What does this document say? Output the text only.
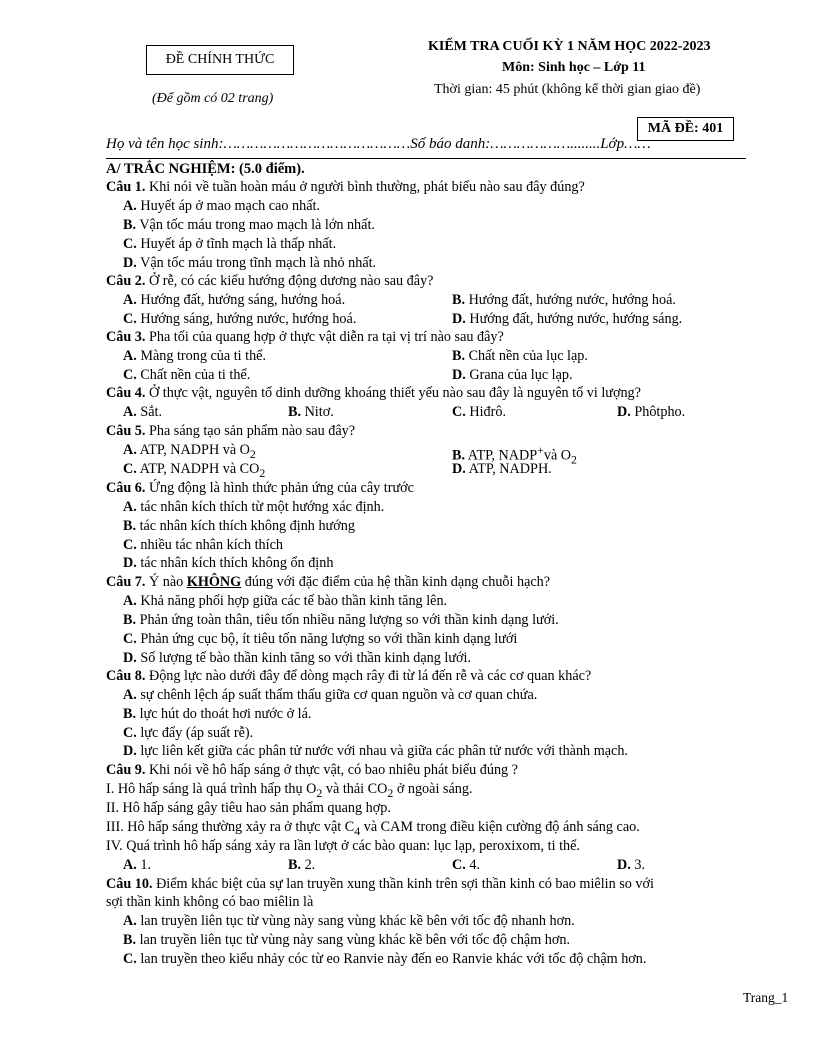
ĐỀ CHÍNH THỨC
(Để gồm có 02 trang)
KIỂM TRA CUỐI KỲ 1 NĂM HỌC 2022-2023
Môn: Sinh học – Lớp 11
Thời gian: 45 phút (không kể thời gian giao đề)
MÃ ĐỀ: 401
Họ và tên học sinh:……………………………………Số báo danh:………………........Lớp……
A/ TRẮC NGHIỆM: (5.0 điểm).
Câu 1. Khi nói về tuần hoàn máu ở người bình thường, phát biểu nào sau đây đúng?
A. Huyết áp ở mao mạch cao nhất.
B. Vận tốc máu trong mao mạch là lớn nhất.
C. Huyết áp ở tĩnh mạch là thấp nhất.
D. Vận tốc máu trong tĩnh mạch là nhỏ nhất.
Câu 2. Ở rễ, có các kiểu hướng động dương nào sau đây?
A. Hướng đất, hướng sáng, hướng hoá.	B. Hướng đất, hướng nước, hướng hoá.
C. Hướng sáng, hướng nước, hướng hoá.	D. Hướng đất, hướng nước, hướng sáng.
Câu 3. Pha tối của quang hợp ở thực vật diễn ra tại vị trí nào sau đây?
A. Màng trong của ti thể.	B. Chất nền của lục lạp.
C. Chất nền của ti thể.	D. Grana của lục lạp.
Câu 4. Ở thực vật, nguyên tố dinh dưỡng khoáng thiết yếu nào sau đây là nguyên tố vi lượng?
A. Sắt.	B. Nitơ.	C. Hiđrô.	D. Phôtpho.
Câu 5. Pha sáng tạo sản phẩm nào sau đây?
A. ATP, NADPH và $O_2$	B. ATP, NADP+và $O_2$
C. ATP, NADPH và $CO_2$	D. ATP, NADPH.
Câu 6. Ứng động là hình thức phản ứng của cây trước
A. tác nhân kích thích từ một hướng xác định.
B. tác nhân kích thích không định hướng
C. nhiều tác nhân kích thích
D. tác nhân kích thích không ổn định
Câu 7. Ý nào KHÔNG đúng với đặc điểm của hệ thần kinh dạng chuỗi hạch?
A. Khả năng phối hợp giữa các tế bào thần kinh tăng lên.
B. Phản ứng toàn thân, tiêu tốn nhiều năng lượng so với thần kinh dạng lưới.
C. Phản ứng cục bộ, ít tiêu tốn năng lượng so với thần kinh dạng lưới
D. Số lượng tế bào thần kinh tăng so với thần kinh dạng lưới.
Câu 8. Động lực nào dưới đây để dòng mạch rây đi từ lá đến rễ và các cơ quan khác?
A. sự chênh lệch áp suất thẩm thấu giữa cơ quan nguồn và cơ quan chứa.
B. lực hút do thoát hơi nước ở lá.
C. lực đẩy (áp suất rễ).
D. lực liên kết giữa các phân tử nước với nhau và giữa các phân tử nước với thành mạch.
Câu 9. Khi nói về hô hấp sáng ở thực vật, có bao nhiêu phát biểu đúng ?
I. Hô hấp sáng là quá trình hấp thụ $O_2$ và thải $CO_2$ ở ngoài sáng.
II. Hô hấp sáng gây tiêu hao sản phẩm quang hợp.
III. Hô hấp sáng thường xảy ra ở thực vật $C_4$ và CAM trong điều kiện cường độ ánh sáng cao.
IV. Quá trình hô hấp sáng xảy ra lần lượt ở các bào quan: lục lạp, peroxixom, ti thể.
A. 1.	B. 2.	C. 4.	D. 3.
Câu 10. Điểm khác biệt của sự lan truyền xung thần kinh trên sợi thần kinh có bao miêlin so với
sợi thần kinh không có bao miêlin là
A. lan truyền liên tục từ vùng này sang vùng khác kề bên với tốc độ nhanh hơn.
B. lan truyền liên tục từ vùng này sang vùng khác kề bên với tốc độ chậm hơn.
C. lan truyền theo kiểu nhảy cóc từ eo Ranvie này đến eo Ranvie khác với tốc độ chậm hơn.
Trang_1
